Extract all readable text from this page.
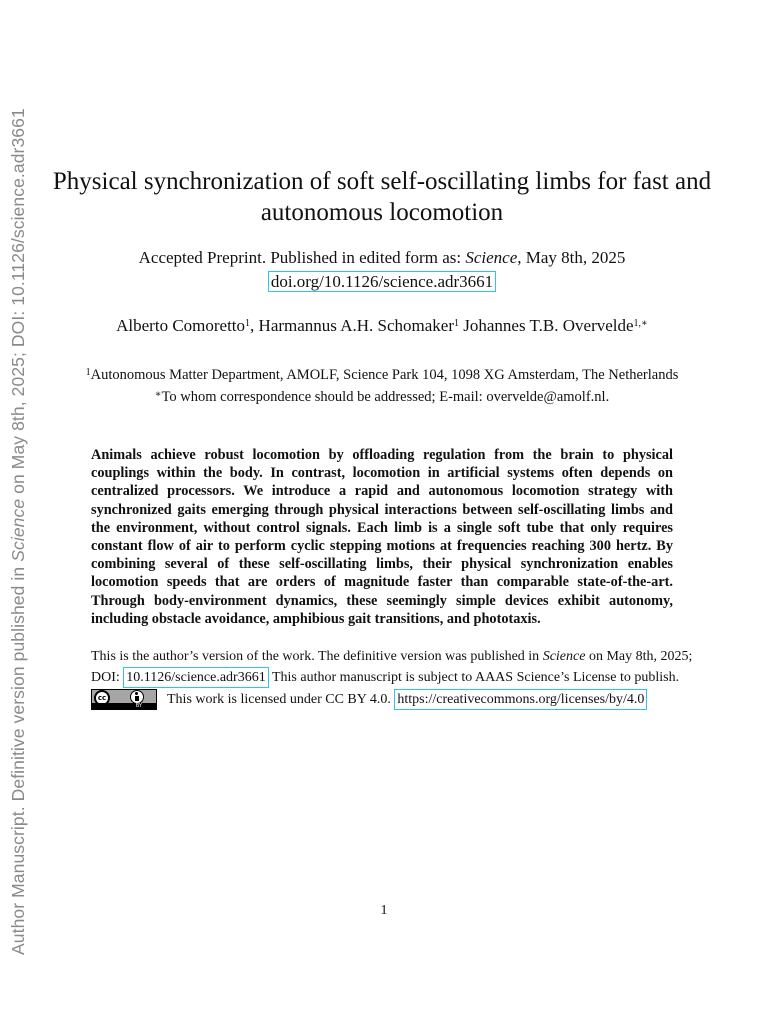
Author Manuscript. Definitive version published in Science on May 8th, 2025; DOI: 10.1126/science.adr3661 Physical synchronization of soft self-oscillating limbs for fast and autonomous locomotion
Accepted Preprint. Published in edited form as: Science, May 8th, 2025
doi.org/10.1126/science.adr3661
Alberto Comoretto$^1$, Harmannus A.H. Schomaker$^1$ Johannes T.B. Overvelde$^{1,∗}$
$^1$Autonomous Matter Department, AMOLF, Science Park 104, 1098 XG Amsterdam, The Netherlands
∗To whom correspondence should be addressed; E-mail: overvelde@amolf.nl.

Animals achieve robust locomotion by offloading regulation from the brain to physical couplings within the body. In contrast, locomotion in artificial systems often depends on centralized processors. We introduce a rapid and autonomous locomotion strategy with synchronized gaits emerging through physical interactions between self-oscillating limbs and the environment, without control signals. Each limb is a single soft tube that only requires constant flow of air to perform cyclic stepping motions at frequencies reaching 300 hertz. By combining several of these self-oscillating limbs, their physical synchronization enables locomotion speeds that are orders of magnitude faster than comparable state-of-the-art. Through body-environment dynamics, these seemingly simple devices exhibit autonomy, including obstacle avoidance, amphibious gait transitions, and phototaxis.

This is the author’s version of the work. The definitive version was published in Science on May 8th, 2025;
DOI: 10.1126/science.adr3661 This author manuscript is subject to AAAS Science’s License to publish.
cc
BY This work is licensed under CC BY 4.0. https://creativecommons.org/licenses/by/4.0
1
